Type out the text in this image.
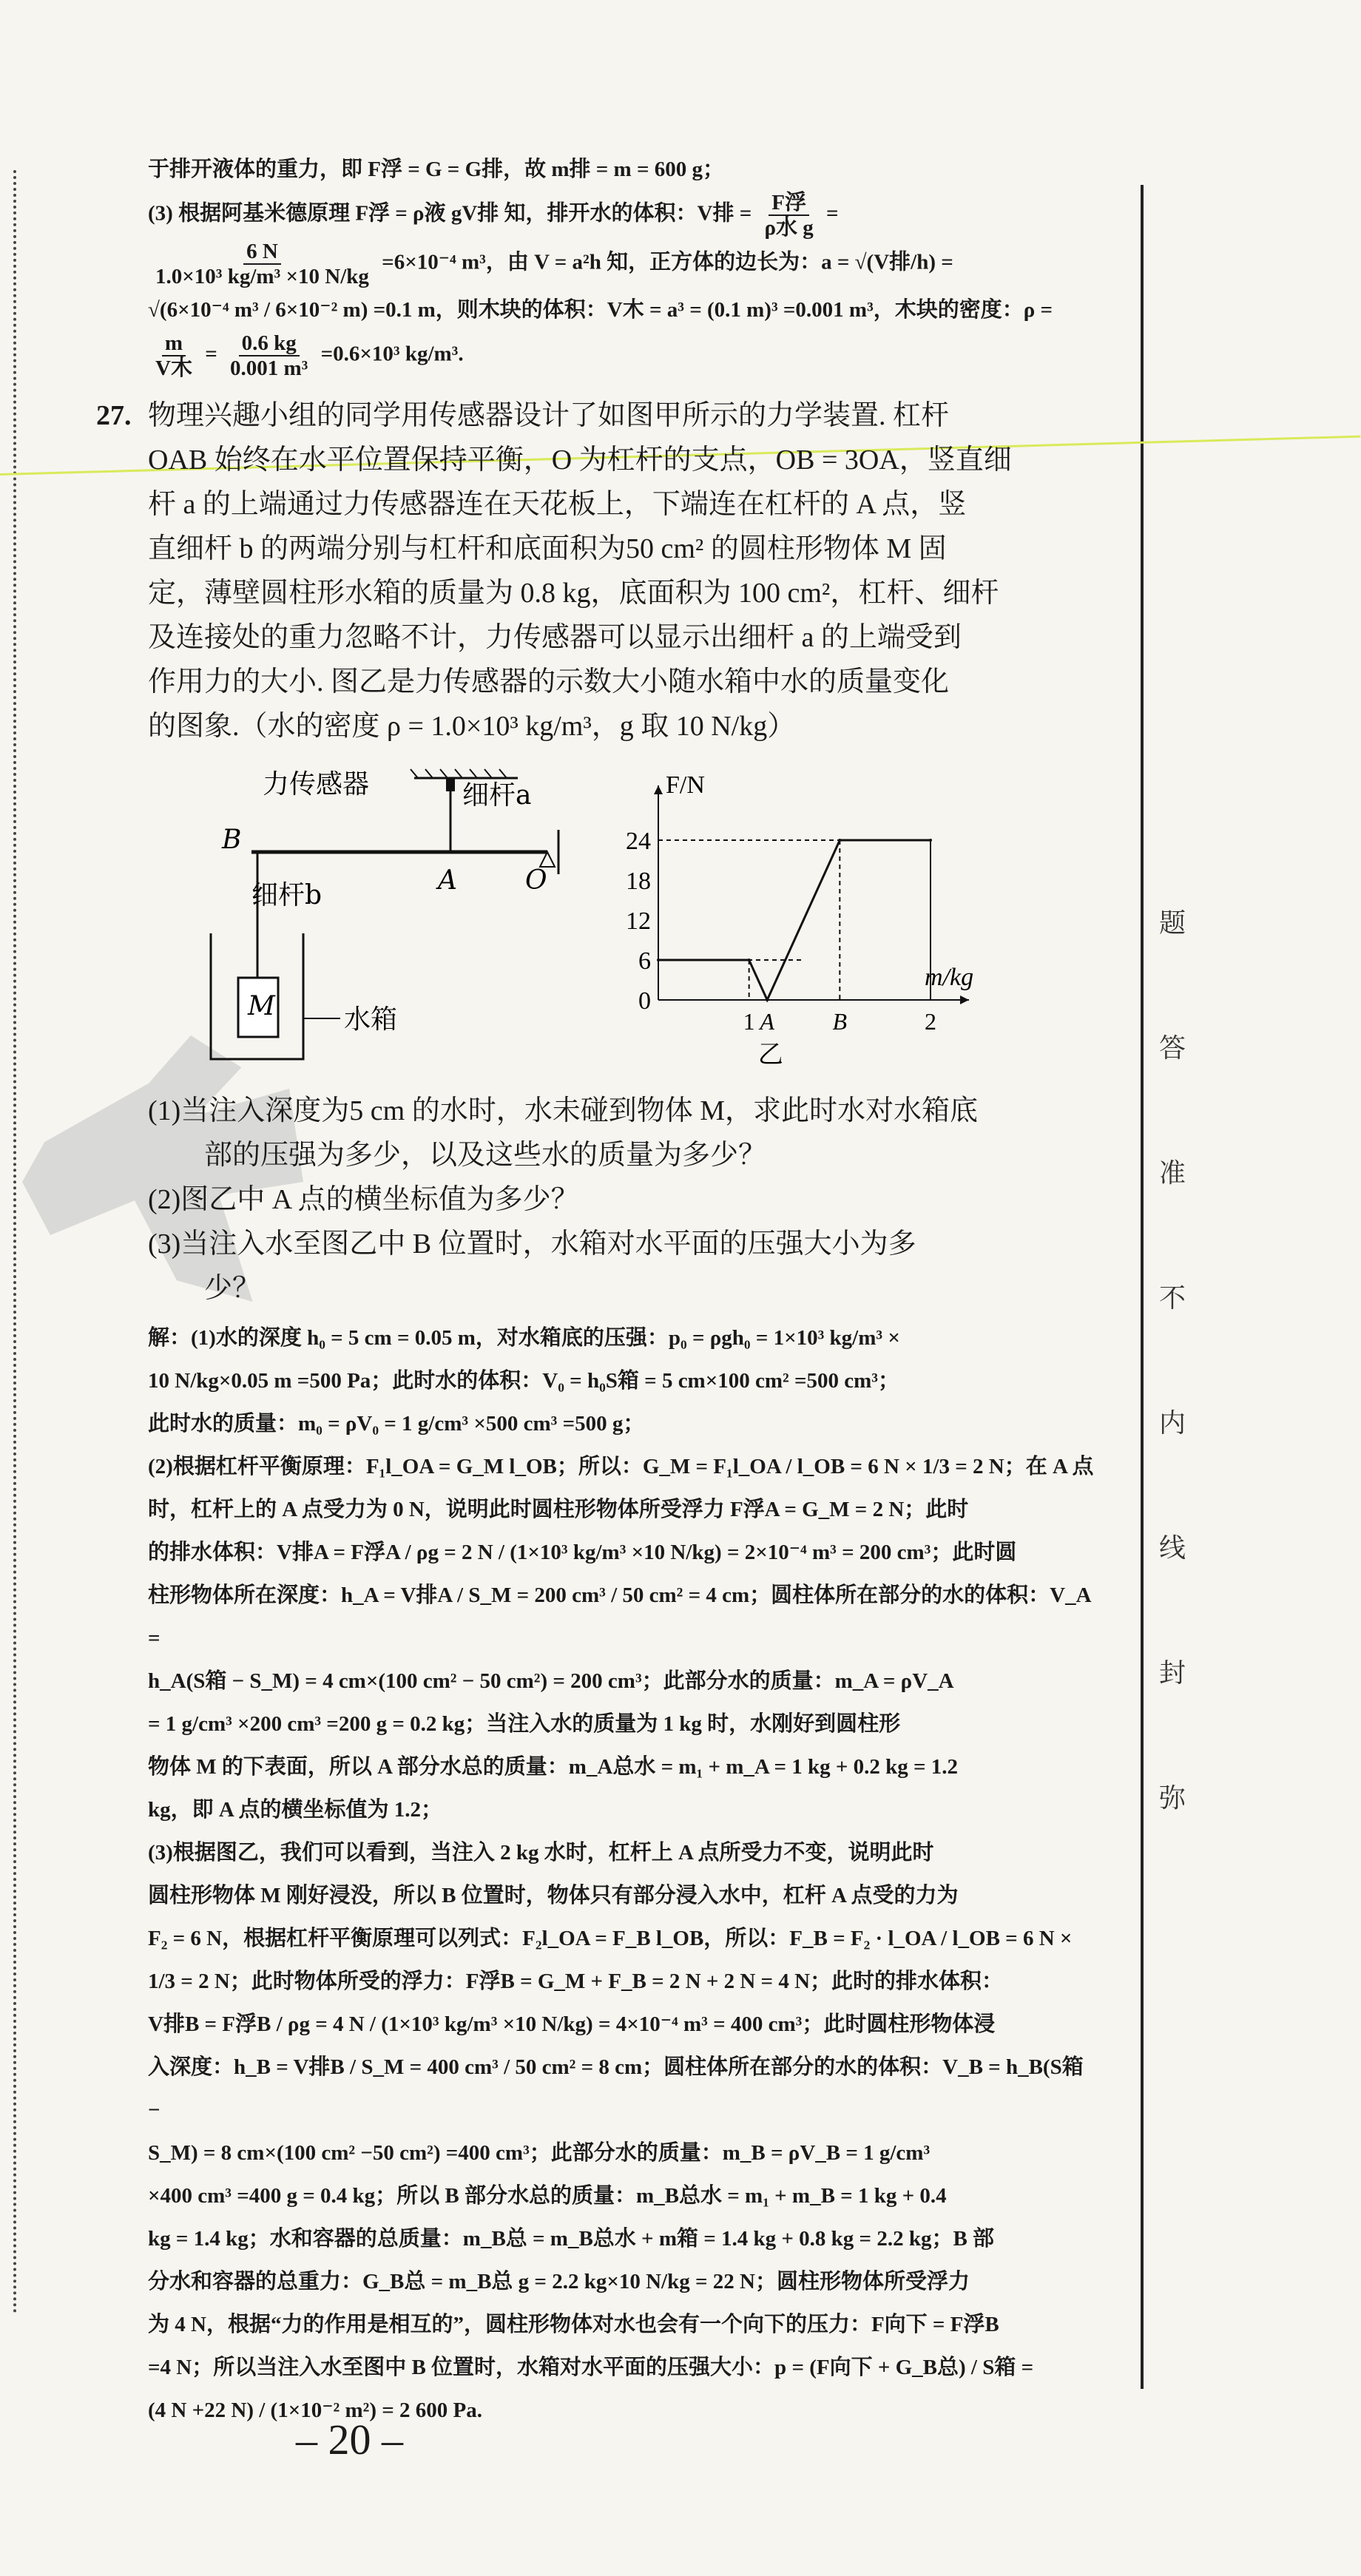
题
答
准
不
内
线
封
弥

于排开液体的重力，即 F浮 = G = G排，故 m排 = m = 600 g；

(3) 根据阿基米德原理 F浮 = ρ液 gV排 知，排开水的体积：V排 = $\frac{\text{F浮}}{\text{ρ水 g}}$ =

$\frac{6 N}{\text{1.0×10³ kg/m³ ×10 N/kg}} =6\times 10^{-4}$ m³，由 V = a²h 知，正方体的边长为：a = √(V排/h) =

√(6×10⁻⁴ m³ / 6×10⁻² m) =0.1 m，则木块的体积：V木 = a³ = (0.1 m)³ =0.001 m³，木块的密度：ρ =

$\frac{m}{\text{V木}} = \frac{0.6 kg}{\text{0.001 m³}} =0.6\times 10^3$ kg/m³.

27. 物理兴趣小组的同学用传感器设计了如图甲所示的力学装置. 杠杆

OAB 始终在水平位置保持平衡，O 为杠杆的支点，OB = 3OA，竖直细

杆 a 的上端通过力传感器连在天花板上，下端连在杠杆的 A 点，竖

直细杆 b 的两端分别与杠杆和底面积为50 cm² 的圆柱形物体 M 固

定，薄壁圆柱形水箱的质量为 0.8 kg，底面积为 100 cm²，杠杆、细杆

及连接处的重力忽略不计，力传感器可以显示出细杆 a 的上端受到

作用力的大小. 图乙是力传感器的示数大小随水箱中水的质量变化

的图象.（水的密度 ρ = 1.0×10³ kg/m³，g 取 10 N/kg）

力传感器	细杆a
细杆b
B
A	O
M	水箱
F/N
m/kg
24
18
12
6
0
1 A B	2
乙

(1)当注入深度为5 cm 的水时，水未碰到物体 M，求此时水对水箱底

　　部的压强为多少，以及这些水的质量为多少？

(2)图乙中 A 点的横坐标值为多少？

(3)当注入水至图乙中 B 位置时，水箱对水平面的压强大小为多

　　少？

解：(1)水的深度 h₀ = 5 cm = 0.05 m，对水箱底的压强：p₀ = ρgh₀ = 1×10³ kg/m³ ×

10 N/kg×0.05 m =500 Pa；此时水的体积：V₀ = h₀S箱 = 5 cm×100 cm² =500 cm³；

此时水的质量：m₀ = ρV₀ = 1 g/cm³ ×500 cm³ =500 g；

(2)根据杠杆平衡原理：F₁l_OA = G_M l_OB；所以：G_M = F₁l_OA / l_OB = 6 N × 1/3 = 2 N；在 A 点

时，杠杆上的 A 点受力为 0 N，说明此时圆柱形物体所受浮力 F浮A = G_M = 2 N；此时

的排水体积：V排A = F浮A / ρg = 2 N / (1×10³ kg/m³ ×10 N/kg) = 2×10⁻⁴ m³ = 200 cm³；此时圆

柱形物体所在深度：h_A = V排A / S_M = 200 cm³ / 50 cm² = 4 cm；圆柱体所在部分的水的体积：V_A =

h_A(S箱 − S_M) = 4 cm×(100 cm² − 50 cm²) = 200 cm³；此部分水的质量：m_A = ρV_A

= 1 g/cm³ ×200 cm³ =200 g = 0.2 kg；当注入水的质量为 1 kg 时，水刚好到圆柱形

物体 M 的下表面，所以 A 部分水总的质量：m_A总水 = m₁ + m_A = 1 kg + 0.2 kg = 1.2

kg，即 A 点的横坐标值为 1.2；

(3)根据图乙，我们可以看到，当注入 2 kg 水时，杠杆上 A 点所受力不变，说明此时

圆柱形物体 M 刚好浸没，所以 B 位置时，物体只有部分浸入水中，杠杆 A 点受的力为

F₂ = 6 N，根据杠杆平衡原理可以列式：F₂l_OA = F_B l_OB，所以：F_B = F₂ · l_OA / l_OB = 6 N ×

1/3 = 2 N；此时物体所受的浮力：F浮B = G_M + F_B = 2 N + 2 N = 4 N；此时的排水体积：

V排B = F浮B / ρg = 4 N / (1×10³ kg/m³ ×10 N/kg) = 4×10⁻⁴ m³ = 400 cm³；此时圆柱形物体浸

入深度：h_B = V排B / S_M = 400 cm³ / 50 cm² = 8 cm；圆柱体所在部分的水的体积：V_B = h_B(S箱 −

S_M) = 8 cm×(100 cm² −50 cm²) =400 cm³；此部分水的质量：m_B = ρV_B = 1 g/cm³

×400 cm³ =400 g = 0.4 kg；所以 B 部分水总的质量：m_B总水 = m₁ + m_B = 1 kg + 0.4

kg = 1.4 kg；水和容器的总质量：m_B总 = m_B总水 + m箱 = 1.4 kg + 0.8 kg = 2.2 kg；B 部

分水和容器的总重力：G_B总 = m_B总 g = 2.2 kg×10 N/kg = 22 N；圆柱形物体所受浮力

为 4 N，根据“力的作用是相互的”，圆柱形物体对水也会有一个向下的压力：F向下 = F浮B

=4 N；所以当注入水至图中 B 位置时，水箱对水平面的压强大小：p = (F向下 + G_B总) / S箱 =

(4 N +22 N) / (1×10⁻² m²) = 2 600 Pa.

– 20 –
